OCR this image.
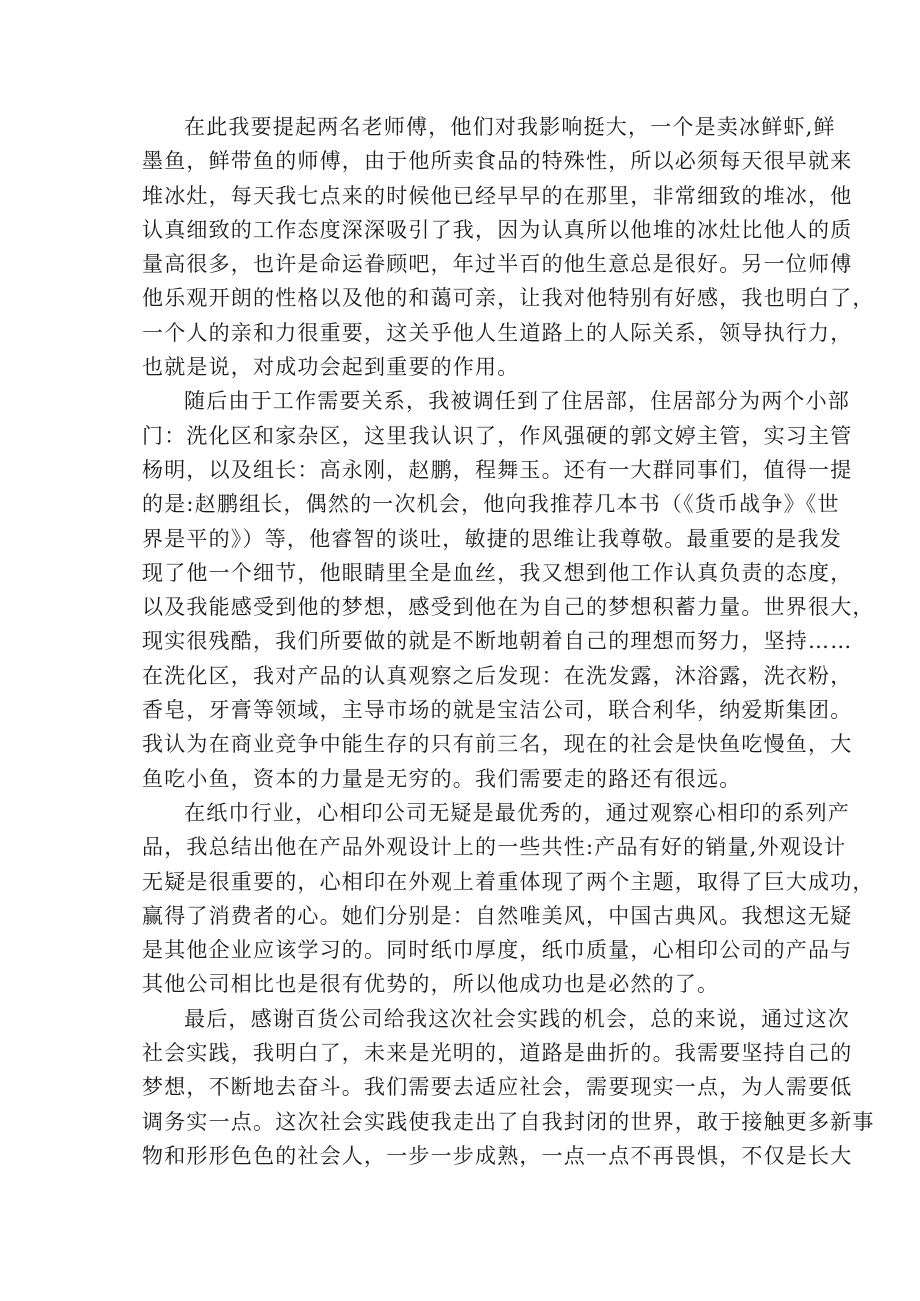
在此我要提起两名老师傅，他们对我影响挺大，一个是卖冰鲜虾,鲜
墨鱼，鲜带鱼的师傅，由于他所卖食品的特殊性，所以必须每天很早就来
堆冰灶，每天我七点来的时候他已经早早的在那里，非常细致的堆冰，他
认真细致的工作态度深深吸引了我，因为认真所以他堆的冰灶比他人的质
量高很多，也许是命运眷顾吧，年过半百的他生意总是很好。另一位师傅
他乐观开朗的性格以及他的和蔼可亲，让我对他特别有好感，我也明白了，
一个人的亲和力很重要，这关乎他人生道路上的人际关系，领导执行力，
也就是说，对成功会起到重要的作用。
随后由于工作需要关系，我被调任到了住居部，住居部分为两个小部
门：洗化区和家杂区，这里我认识了，作风强硬的郭文婷主管，实习主管
杨明，以及组长：高永刚，赵鹏，程舞玉。还有一大群同事们，值得一提
的是:赵鹏组长，偶然的一次机会，他向我推荐几本书（《货币战争》《世
界是平的》）等，他睿智的谈吐，敏捷的思维让我尊敬。最重要的是我发
现了他一个细节，他眼睛里全是血丝，我又想到他工作认真负责的态度，
以及我能感受到他的梦想，感受到他在为自己的梦想积蓄力量。世界很大，
现实很残酷，我们所要做的就是不断地朝着自己的理想而努力，坚持……
在洗化区，我对产品的认真观察之后发现：在洗发露，沐浴露，洗衣粉，
香皂，牙膏等领域，主导市场的就是宝洁公司，联合利华，纳爱斯集团。
我认为在商业竞争中能生存的只有前三名，现在的社会是快鱼吃慢鱼，大
鱼吃小鱼，资本的力量是无穷的。我们需要走的路还有很远。
在纸巾行业，心相印公司无疑是最优秀的，通过观察心相印的系列产
品，我总结出他在产品外观设计上的一些共性:产品有好的销量,外观设计
无疑是很重要的，心相印在外观上着重体现了两个主题，取得了巨大成功，
赢得了消费者的心。她们分别是：自然唯美风，中国古典风。我想这无疑
是其他企业应该学习的。同时纸巾厚度，纸巾质量，心相印公司的产品与
其他公司相比也是很有优势的，所以他成功也是必然的了。
最后，感谢百货公司给我这次社会实践的机会，总的来说，通过这次
社会实践，我明白了，未来是光明的，道路是曲折的。我需要坚持自己的
梦想，不断地去奋斗。我们需要去适应社会，需要现实一点，为人需要低
调务实一点。这次社会实践使我走出了自我封闭的世界，敢于接触更多新事
物和形形色色的社会人，一步一步成熟，一点一点不再畏惧，不仅是长大
